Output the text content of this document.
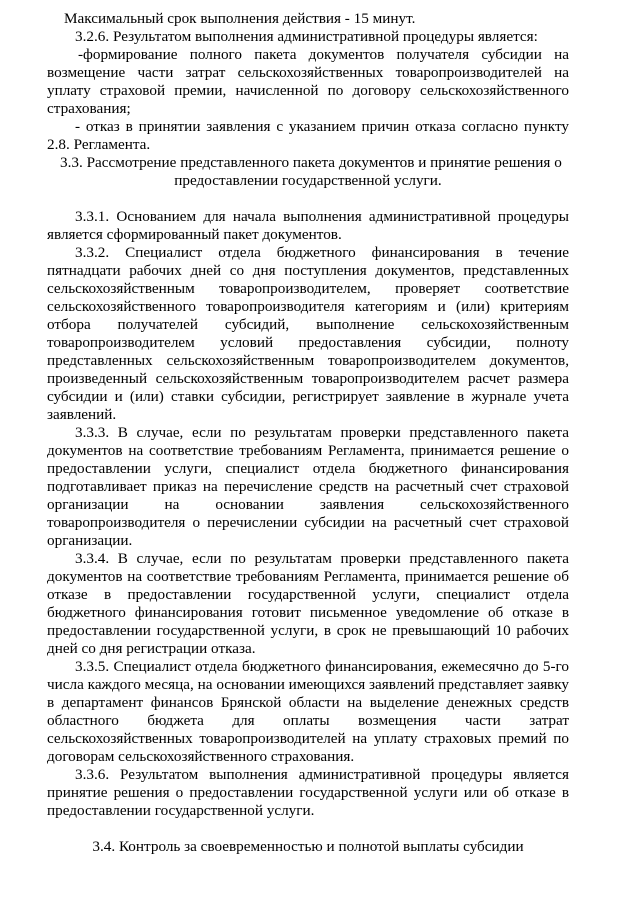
Максимальный срок выполнения действия - 15 минут.
3.2.6. Результатом выполнения административной процедуры является:
-формирование полного пакета документов получателя субсидии на
возмещение части затрат сельскохозяйственных товаропроизводителей на
уплату страховой премии, начисленной по договору сельскохозяйственного
страхования;
- отказ в принятии заявления с указанием причин отказа согласно пункту
2.8. Регламента.
3.3. Рассмотрение представленного пакета документов и принятие решения о
предоставлении государственной услуги.
3.3.1. Основанием для начала выполнения административной процедуры
является сформированный пакет документов.
3.3.2. Специалист отдела бюджетного финансирования в течение
пятнадцати рабочих дней со дня поступления документов, представленных
сельскохозяйственным товаропроизводителем, проверяет соответствие
сельскохозяйственного товаропроизводителя категориям и (или) критериям
отбора получателей субсидий, выполнение сельскохозяйственным
товаропроизводителем условий предоставления субсидии, полноту
представленных сельскохозяйственным товаропроизводителем документов,
произведенный сельскохозяйственным товаропроизводителем расчет размера
субсидии и (или) ставки субсидии, регистрирует заявление в журнале учета
заявлений.
3.3.3. В случае, если по результатам проверки представленного пакета
документов на соответствие требованиям Регламента, принимается решение о
предоставлении услуги, специалист отдела бюджетного финансирования
подготавливает приказ на перечисление средств на расчетный счет страховой
организации на основании заявления сельскохозяйственного
товаропроизводителя о перечислении субсидии на расчетный счет страховой
организации.
3.3.4. В случае, если по результатам проверки представленного пакета
документов на соответствие требованиям Регламента, принимается решение об
отказе в предоставлении государственной услуги, специалист отдела
бюджетного финансирования готовит письменное уведомление об отказе в
предоставлении государственной услуги, в срок не превышающий 10 рабочих
дней со дня регистрации отказа.
3.3.5. Специалист отдела бюджетного финансирования, ежемесячно до 5-го
числа каждого месяца, на основании имеющихся заявлений представляет заявку
в департамент финансов Брянской области на выделение денежных средств
областного бюджета для оплаты возмещения части затрат
сельскохозяйственных товаропроизводителей на уплату страховых премий по
договорам сельскохозяйственного страхования.
3.3.6. Результатом выполнения административной процедуры является
принятие решения о предоставлении государственной услуги или об отказе в
предоставлении государственной услуги.
3.4. Контроль за своевременностью и полнотой выплаты субсидии
